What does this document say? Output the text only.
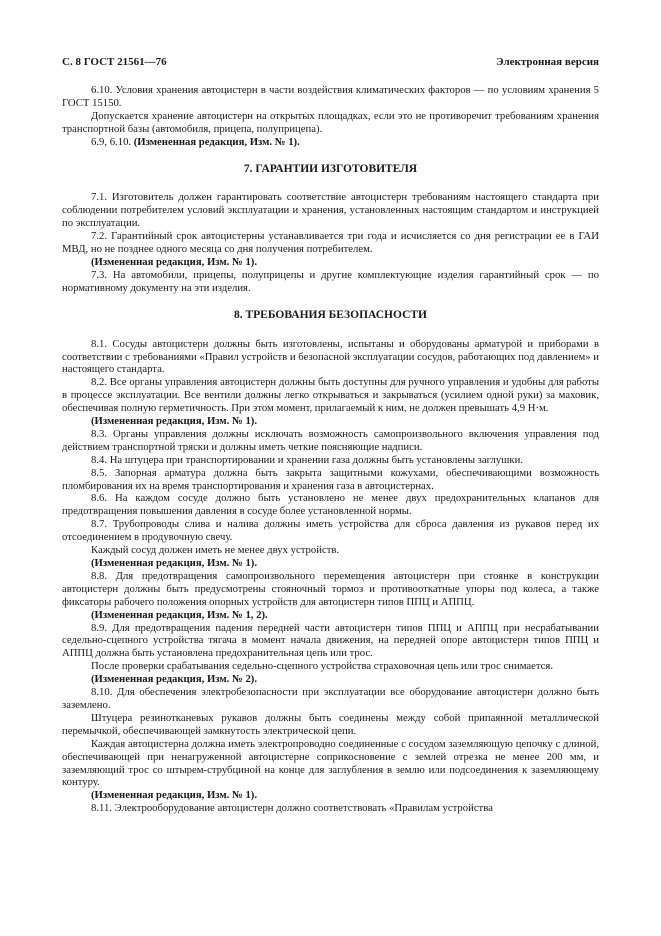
С. 8 ГОСТ 21561—76	Электронная версия

6.10. Условия хранения автоцистерн в части воздействия климатических факторов — по условиям хранения 5 ГОСТ 15150.

Допускается хранение автоцистерн на открытых площадках, если это не противоречит требованиям хранения транспортной базы (автомобиля, прицепа, полуприцепа).

6.9, 6.10. (Измененная редакция, Изм. № 1).

7. ГАРАНТИИ ИЗГОТОВИТЕЛЯ

7.1. Изготовитель должен гарантировать соответствие автоцистерн требованиям настоящего стандарта при соблюдении потребителем условий эксплуатации и хранения, установленных настоящим стандартом и инструкцией по эксплуатации.

7.2. Гарантийный срок автоцистерны устанавливается три года и исчисляется со дня регистрации ее в ГАИ МВД, но не позднее одного месяца со дня получения потребителем.

(Измененная редакция, Изм. № 1).

7.3. На автомобили, прицепы, полуприцепы и другие комплектующие изделия гарантийный срок — по нормативному документу на эти изделия.

8. ТРЕБОВАНИЯ БЕЗОПАСНОСТИ

8.1. Сосуды автоцистерн должны быть изготовлены, испытаны и оборудованы арматурой и приборами в соответствии с требованиями «Правил устройств и безопасной эксплуатации сосудов, работающих под давлением» и настоящего стандарта.

8.2. Все органы управления автоцистерн должны быть доступны для ручного управления и удобны для работы в процессе эксплуатации. Все вентили должны легко открываться и закрываться (усилием одной руки) за маховик, обеспечивая полную герметичность. При этом момент, прилагаемый к ним, не должен превышать 4,9 Н·м.

(Измененная редакция, Изм. № 1).

8.3. Органы управления должны исключать возможность самопроизвольного включения управления под действием транспортной тряски и должны иметь четкие поясняющие надписи.

8.4. На штуцера при транспортировании и хранении газа должны быть установлены заглушки.

8.5. Запорная арматура должна быть закрыта защитными кожухами, обеспечивающими возможность пломбирования их на время транспортирования и хранения газа в автоцистернах.

8.6. На каждом сосуде должно быть установлено не менее двух предохранительных клапанов для предотвращения повышения давления в сосуде более установленной нормы.

8.7. Трубопроводы слива и налива должны иметь устройства для сброса давления из рукавов перед их отсоединением в продувочную свечу.

Каждый сосуд должен иметь не менее двух устройств.

(Измененная редакция, Изм. № 1).

8.8. Для предотвращения самопроизвольного перемещения автоцистерн при стоянке в конструкции автоцистерн должны быть предусмотрены стояночный тормоз и противооткатные упоры под колеса, а также фиксаторы рабочего положения опорных устройств для автоцистерн типов ППЦ и АППЦ.

(Измененная редакция, Изм. № 1, 2).

8.9. Для предотвращения падения передней части автоцистерн типов ППЦ и АППЦ при несрабатывании седельно-сцепного устройства тягача в момент начала движения, на передней опоре автоцистерн типов ППЦ и АППЦ должна быть установлена предохранительная цепь или трос.

После проверки срабатывания седельно-сцепного устройства страховочная цепь или трос снимается.

(Измененная редакция, Изм. № 2).

8.10. Для обеспечения электробезопасности при эксплуатации все оборудование автоцистерн должно быть заземлено.

Штуцера резинотканевых рукавов должны быть соединены между собой припаянной металлической перемычкой, обеспечивающей замкнутость электрической цепи.

Каждая автоцистерна должна иметь электропроводно соединенные с сосудом заземляющую цепочку с длиной, обеспечивающей при ненагруженной автоцистерне соприкосновение с землей отрезка не менее 200 мм, и заземляющий трос со штырем-струбциной на конце для заглубления в землю или подсоединения к заземляющему контуру.

(Измененная редакция, Изм. № 1).

8.11. Электрооборудование автоцистерн должно соответствовать «Правилам устройства
